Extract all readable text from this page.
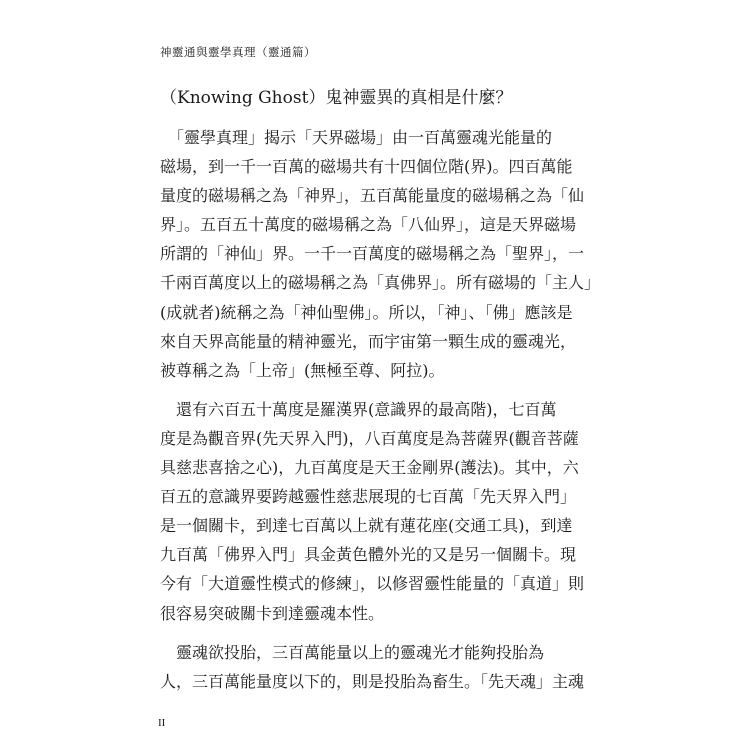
神靈通與靈學真理（靈通篇）
（Knowing Ghost）鬼神靈異的真相是什麼？
　「靈學真理」揭示「天界磁場」由一百萬靈魂光能量的
磁場，到一千一百萬的磁場共有十四個位階(界)。四百萬能
量度的磁場稱之為「神界」，五百萬能量度的磁場稱之為「仙
界」。五百五十萬度的磁場稱之為「八仙界」，這是天界磁場
所謂的「神仙」界。一千一百萬度的磁場稱之為「聖界」，一
千兩百萬度以上的磁場稱之為「真佛界」。所有磁場的「主人」
(成就者)統稱之為「神仙聖佛」。所以，「神」、「佛」應該是
來自天界高能量的精神靈光，而宇宙第一顆生成的靈魂光，
被尊稱之為「上帝」(無極至尊、阿拉)。
　還有六百五十萬度是羅漢界(意識界的最高階)，七百萬
度是為觀音界(先天界入門)，八百萬度是為菩薩界(觀音菩薩
具慈悲喜捨之心)，九百萬度是天王金剛界(護法)。其中，六
百五的意識界要跨越靈性慈悲展現的七百萬「先天界入門」
是一個關卡，到達七百萬以上就有蓮花座(交通工具)，到達
九百萬「佛界入門」具金黃色體外光的又是另一個關卡。現
今有「大道靈性模式的修練」，以修習靈性能量的「真道」則
很容易突破關卡到達靈魂本性。
　靈魂欲投胎，三百萬能量以上的靈魂光才能夠投胎為
人，三百萬能量度以下的，則是投胎為畜生。「先天魂」主魂
II
